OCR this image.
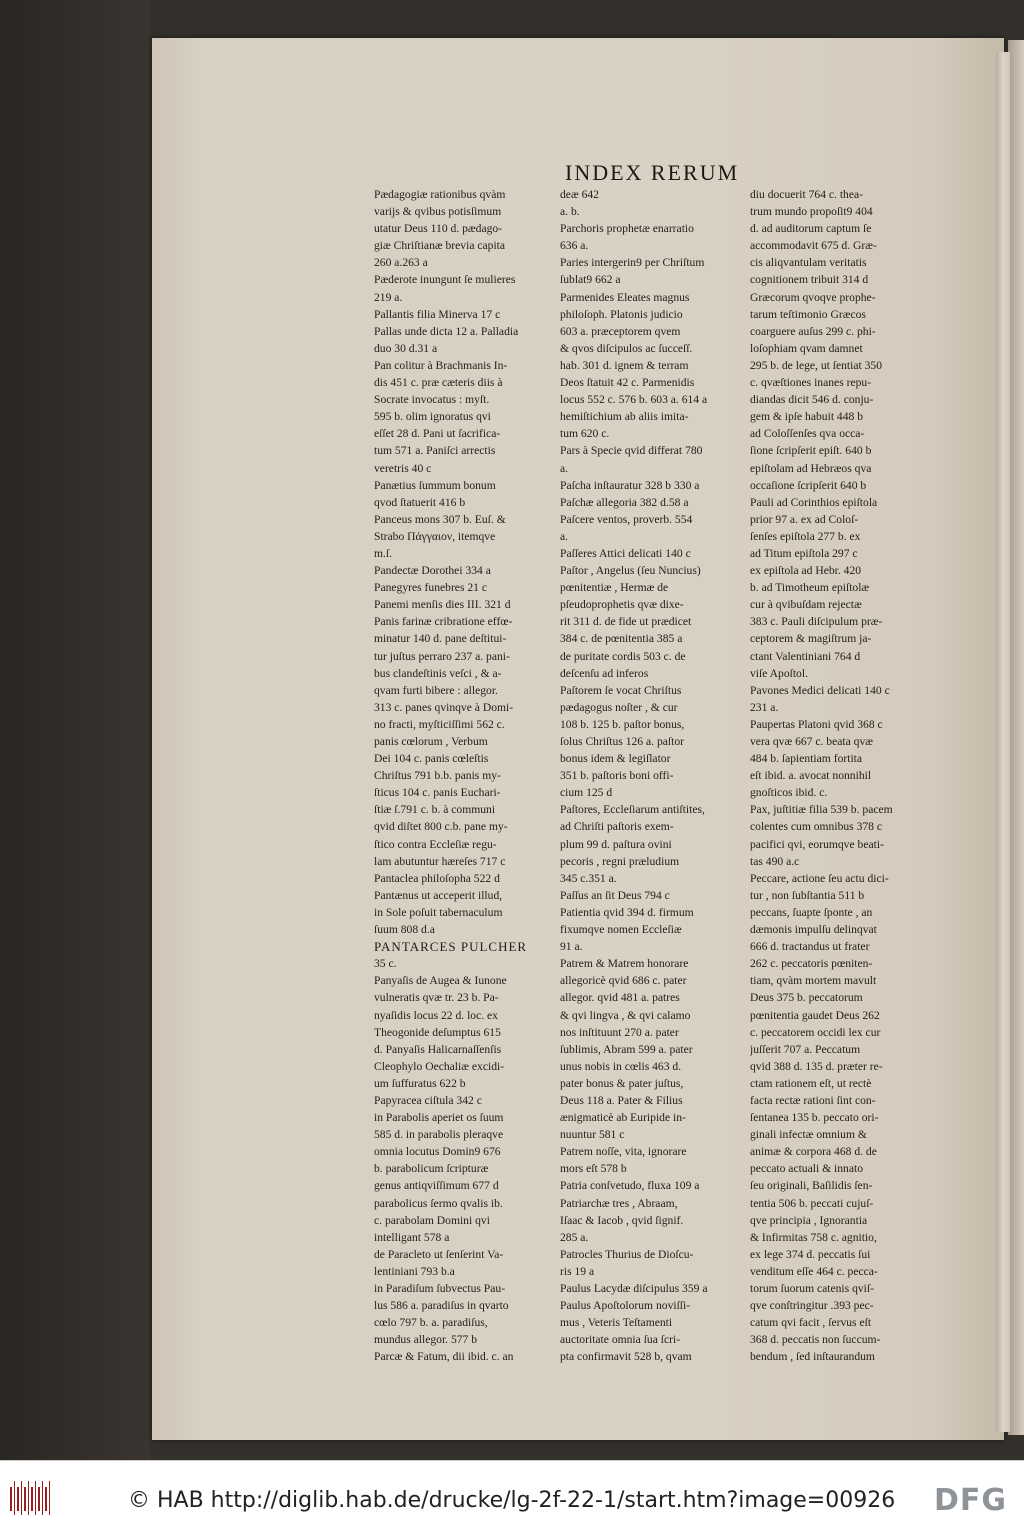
INDEX RERUM
Pædagogiæ rationibus qvàm
varijs & qvibus potisſimum
utatur Deus 110 d. pædago-
giæ Chriſtianæ brevia capita
260 a.263 a
Pæderote inungunt ſe mulieres
219 a.
Pallantis filia Minerva 17 c
Pallas unde dicta 12 a. Palladia
duo 30 d.31 a
Pan colitur à Brachmanis In-
dis 451 c. præ cæteris diis à
Socrate invocatus : myſt.
595 b. olim ignoratus qvi
eſſet 28 d. Pani ut ſacrifica-
tum 571 a. Paniſci arrectis
veretris 40 c
Panætius ſummum bonum
qvod ſtatuerit 416 b
Panceus mons 307 b. Euſ. &
Strabo Πάγγαιον, itemqve
m.ſ.
Pandectæ Dorothei 334 a
Panegyres funebres 21 c
Panemi menſis dies III. 321 d
Panis farinæ cribratione effœ-
minatur 140 d. pane deſtitui-
tur juſtus perraro 237 a. pani-
bus clandeſtinis veſci , & a-
qvam furti bibere : allegor.
313 c. panes qvinqve à Domi-
no fracti, myſticiſſimi 562 c.
panis cœlorum , Verbum
Dei 104 c. panis cœleſtis
Chriſtus 791 b.b. panis my-
ſticus 104 c. panis Euchari-
ſtiæ ſ.791 c. b. à communi
qvid diſtet 800 c.b. pane my-
ſtico contra Eccleſiæ regu-
lam abutuntur hæreſes 717 c
Pantaclea philoſopha 522 d
Pantænus ut acceperit illud,
in Sole poſuit tabernaculum
ſuum 808 d.a
PANTARCES PULCHER
35 c.
Panyaſis de Augea & Iunone
vulneratis qvæ tr. 23 b. Pa-
nyaſidis locus 22 d. loc. ex
Theogonide deſumptus 615
d. Panyaſis Halicarnaſſenſis
Cleophylo Oechaliæ excidi-
um ſuffuratus 622 b
Papyracea ciſtula 342 c
in Parabolis aperiet os ſuum
585 d. in parabolis pleraqve
omnia locutus Domin9 676
b. parabolicum ſcripturæ
genus antiqviſſimum 677 d
parabolicus ſermo qvalis ib.
c. parabolam Domini qvi
intelligant 578 a
de Paracleto ut ſenſerint Va-
lentiniani 793 b.a
in Paradiſum ſubvectus Pau-
lus 586 a. paradiſus in qvarto
cœlo 797 b. a. paradiſus,
mundus allegor. 577 b
Parcæ & Fatum, dii ibid. c. an
deæ 642
a. b.
Parchoris prophetæ enarratio
636 a.
Paries intergerin9 per Chriſtum
ſublat9 662 a
Parmenides Eleates magnus
philoſoph. Platonis judicio
603 a. præceptorem qvem
& qvos diſcipulos ac ſucceſſ.
hab. 301 d. ignem & terram
Deos ſtatuit 42 c. Parmenidis
locus 552 c. 576 b. 603 a. 614 a
hemiſtichium ab aliis imita-
tum 620 c.
Pars à Specie qvid differat 780
a.
Paſcha inſtauratur 328 b 330 a
Paſchæ allegoria 382 d.58 a
Paſcere ventos, proverb. 554
a.
Paſſeres Attici delicati 140 c
Paſtor , Angelus (ſeu Nuncius)
pœnitentiæ , Hermæ de
pſeudoprophetis qvæ dixe-
rit 311 d. de fide ut prædicet
384 c. de pœnitentia 385 a
de puritate cordis 503 c. de
deſcenſu ad inferos
Paſtorem ſe vocat Chriſtus
pædagogus noſter , & cur
108 b. 125 b. paſtor bonus,
ſolus Chriſtus 126 a. paſtor
bonus idem & legiſlator
351 b. paſtoris boni offi-
cium 125 d
Paſtores, Eccleſiarum antiſtites,
ad Chriſti paſtoris exem-
plum 99 d. paſtura ovini
pecoris , regni præludium
345 c.351 a.
Paſſus an ſit Deus 794 c
Patientia qvid 394 d. firmum
fixumqve nomen Eccleſiæ
91 a.
Patrem & Matrem honorare
allegoricè qvid 686 c. pater
allegor. qvid 481 a. patres
& qvi lingva , & qvi calamo
nos inſtituunt 270 a. pater
ſublimis, Abram 599 a. pater
unus nobis in cœlis 463 d.
pater bonus & pater juſtus,
Deus 118 a. Pater & Filius
ænigmaticè ab Euripide in-
nuuntur 581 c
Patrem noſſe, vita, ignorare
mors eſt 578 b
Patria conſvetudo, fluxa 109 a
Patriarchæ tres , Abraam,
Iſaac & Iacob , qvid ſignif.
285 a.
Patrocles Thurius de Dioſcu-
ris 19 a
Paulus Lacydæ diſcipulus 359 a
Paulus Apoſtolorum noviſſi-
mus , Veteris Teſtamenti
auctoritate omnia ſua ſcri-
pta confirmavit 528 b, qvam
diu docuerit 764 c. thea-
trum mundo propoſit9 404
d. ad auditorum captum ſe
accommodavit 675 d. Græ-
cis aliqvantulam veritatis
cognitionem tribuit 314 d
Græcorum qvoqve prophe-
tarum teſtimonio Græcos
coarguere auſus 299 c. phi-
loſophiam qvam damnet
295 b. de lege, ut ſentiat 350
c. qvæſtiones inanes repu-
diandas dicit 546 d. conju-
gem & ipſe habuit 448 b
ad Coloſſenſes qva occa-
ſione ſcripſerit epiſt. 640 b
epiſtolam ad Hebræos qva
occaſione ſcripſerit 640 b
Pauli ad Corinthios epiſtola
prior 97 a. ex ad Coloſ-
ſenſes epiſtola 277 b. ex
ad Titum epiſtola 297 c
ex epiſtola ad Hebr. 420
b. ad Timotheum epiſtolæ
cur à qvibuſdam rejectæ
383 c. Pauli diſcipulum præ-
ceptorem & magiſtrum ja-
ctant Valentiniani 764 d
viſe Apoſtol.
Pavones Medici delicati 140 c
231 a.
Paupertas Platoni qvid 368 c
vera qvæ 667 c. beata qvæ
484 b. ſapientiam fortita
eſt ibid. a. avocat nonnihil
gnoſticos ibid. c.
Pax, juſtitiæ filia 539 b. pacem
colentes cum omnibus 378 c
pacifici qvi, eorumqve beati-
tas 490 a.c
Peccare, actione ſeu actu dici-
tur , non ſubſtantia 511 b
peccans, ſuapte ſponte , an
dæmonis impulſu delinqvat
666 d. tractandus ut frater
262 c. peccatoris pœniten-
tiam, qvàm mortem mavult
Deus 375 b. peccatorum
pœnitentia gaudet Deus 262
c. peccatorem occidi lex cur
juſſerit 707 a. Peccatum
qvid 388 d. 135 d. præter re-
ctam rationem eſt, ut rectè
facta rectæ rationi ſint con-
ſentanea 135 b. peccato ori-
ginali infectæ omnium &
animæ & corpora 468 d. de
peccato actuali & innato
ſeu originali, Baſilidis ſen-
tentia 506 b. peccati cujuſ-
qve principia , Ignorantia
& Infirmitas 758 c. agnitio,
ex lege 374 d. peccatis ſui
venditum eſſe 464 c. pecca-
torum ſuorum catenis qviſ-
qve conſtringitur .393 pec-
catum qvi facit , ſervus eſt
368 d. peccatis non ſuccum-
bendum , ſed inſtaurandum
© HAB http://diglib.hab.de/drucke/lg-2f-22-1/start.htm?image=00926 DFG
